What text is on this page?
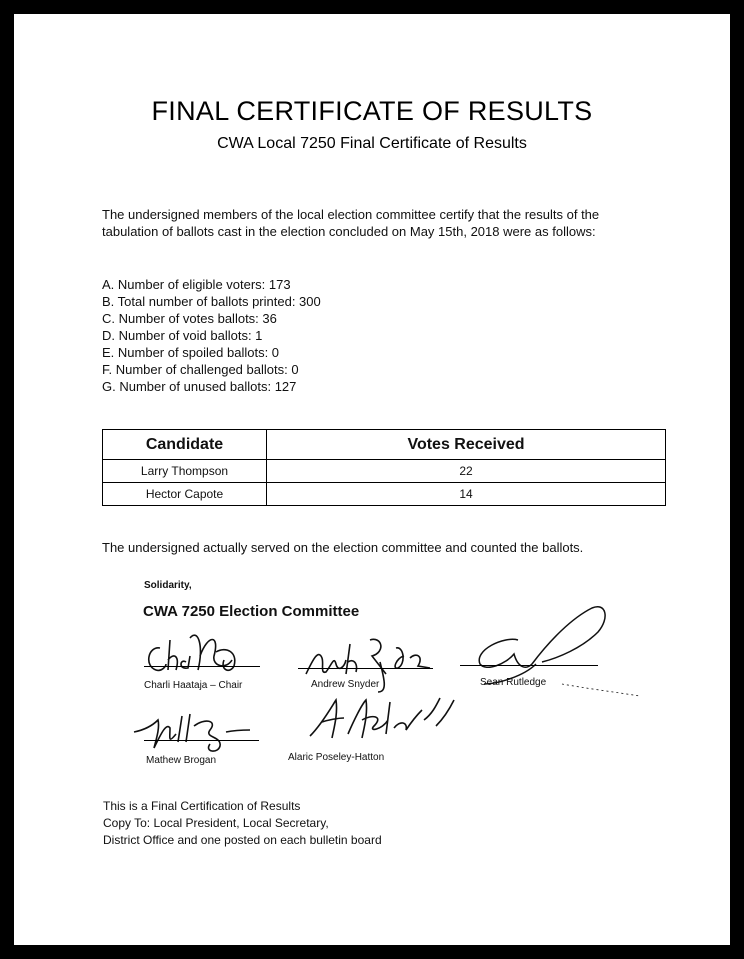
FINAL CERTIFICATE OF RESULTS
CWA Local 7250 Final Certificate of Results
The undersigned members of the local election committee certify that the results of the tabulation of ballots cast in the election concluded on May 15th, 2018 were as follows:
A. Number of eligible voters: 173
B. Total number of ballots printed: 300
C. Number of votes ballots: 36
D. Number of void ballots: 1
E. Number of spoiled ballots: 0
F. Number of challenged ballots: 0
G. Number of unused ballots: 127
Candidate	Votes Received
Larry Thompson	22
Hector Capote	14
The undersigned actually served on the election committee and counted the ballots.
Solidarity,
CWA 7250 Election Committee
Charli Haataja – Chair	Andrew Snyder	Sean Rutledge
Mathew Brogan	Alaric Poseley-Hatton
This is a Final Certification of Results
Copy To: Local President, Local Secretary,
District Office and one posted on each bulletin board
